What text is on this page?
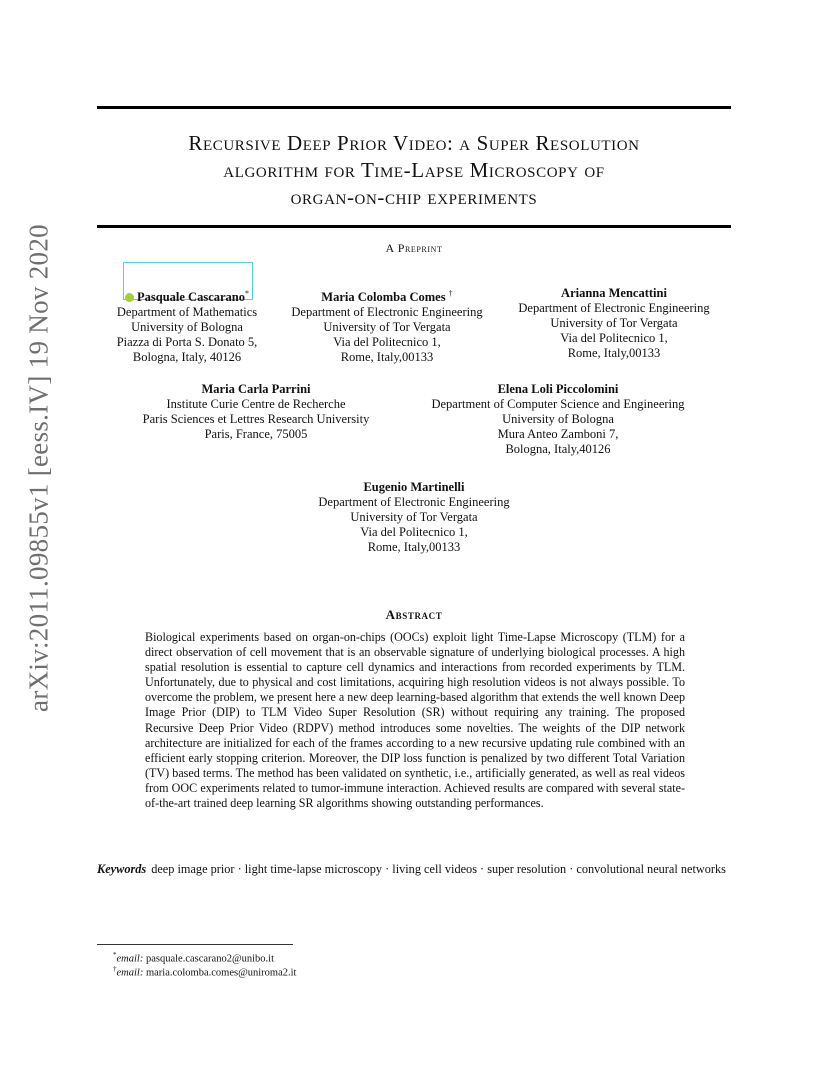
arXiv:2011.09855v1 [eess.IV] 19 Nov 2020
Recursive Deep Prior Video: a Super Resolution
algorithm for Time-Lapse Microscopy of
organ-on-chip experiments
A Preprint
Pasquale Cascarano*
Department of Mathematics
University of Bologna
Piazza di Porta S. Donato 5,
Bologna, Italy, 40126
Maria Colomba Comes †
Department of Electronic Engineering
University of Tor Vergata
Via del Politecnico 1,
Rome, Italy,00133
Arianna Mencattini
Department of Electronic Engineering
University of Tor Vergata
Via del Politecnico 1,
Rome, Italy,00133
Maria Carla Parrini
Institute Curie Centre de Recherche
Paris Sciences et Lettres Research University
Paris, France, 75005
Elena Loli Piccolomini
Department of Computer Science and Engineering
University of Bologna
Mura Anteo Zamboni 7,
Bologna, Italy,40126
Eugenio Martinelli
Department of Electronic Engineering
University of Tor Vergata
Via del Politecnico 1,
Rome, Italy,00133
Abstract
Biological experiments based on organ-on-chips (OOCs) exploit light Time-Lapse Microscopy (TLM) for a direct observation of cell movement that is an observable signature of underlying biological processes. A high spatial resolution is essential to capture cell dynamics and interactions from recorded experiments by TLM. Unfortunately, due to physical and cost limitations, acquiring high resolution videos is not always possible. To overcome the problem, we present here a new deep learning-based algorithm that extends the well known Deep Image Prior (DIP) to TLM Video Super Resolution (SR) without requiring any training. The proposed Recursive Deep Prior Video (RDPV) method introduces some novelties. The weights of the DIP network architecture are initialized for each of the frames according to a new recursive updating rule combined with an efficient early stopping criterion. Moreover, the DIP loss function is penalized by two different Total Variation (TV) based terms. The method has been validated on synthetic, i.e., artificially generated, as well as real videos from OOC experiments related to tumor-immune interaction. Achieved results are compared with several state-of-the-art trained deep learning SR algorithms showing outstanding performances.
Keywords deep image prior · light time-lapse microscopy · living cell videos · super resolution · convolutional neural networks
*email: pasquale.cascarano2@unibo.it
†email: maria.colomba.comes@uniroma2.it
